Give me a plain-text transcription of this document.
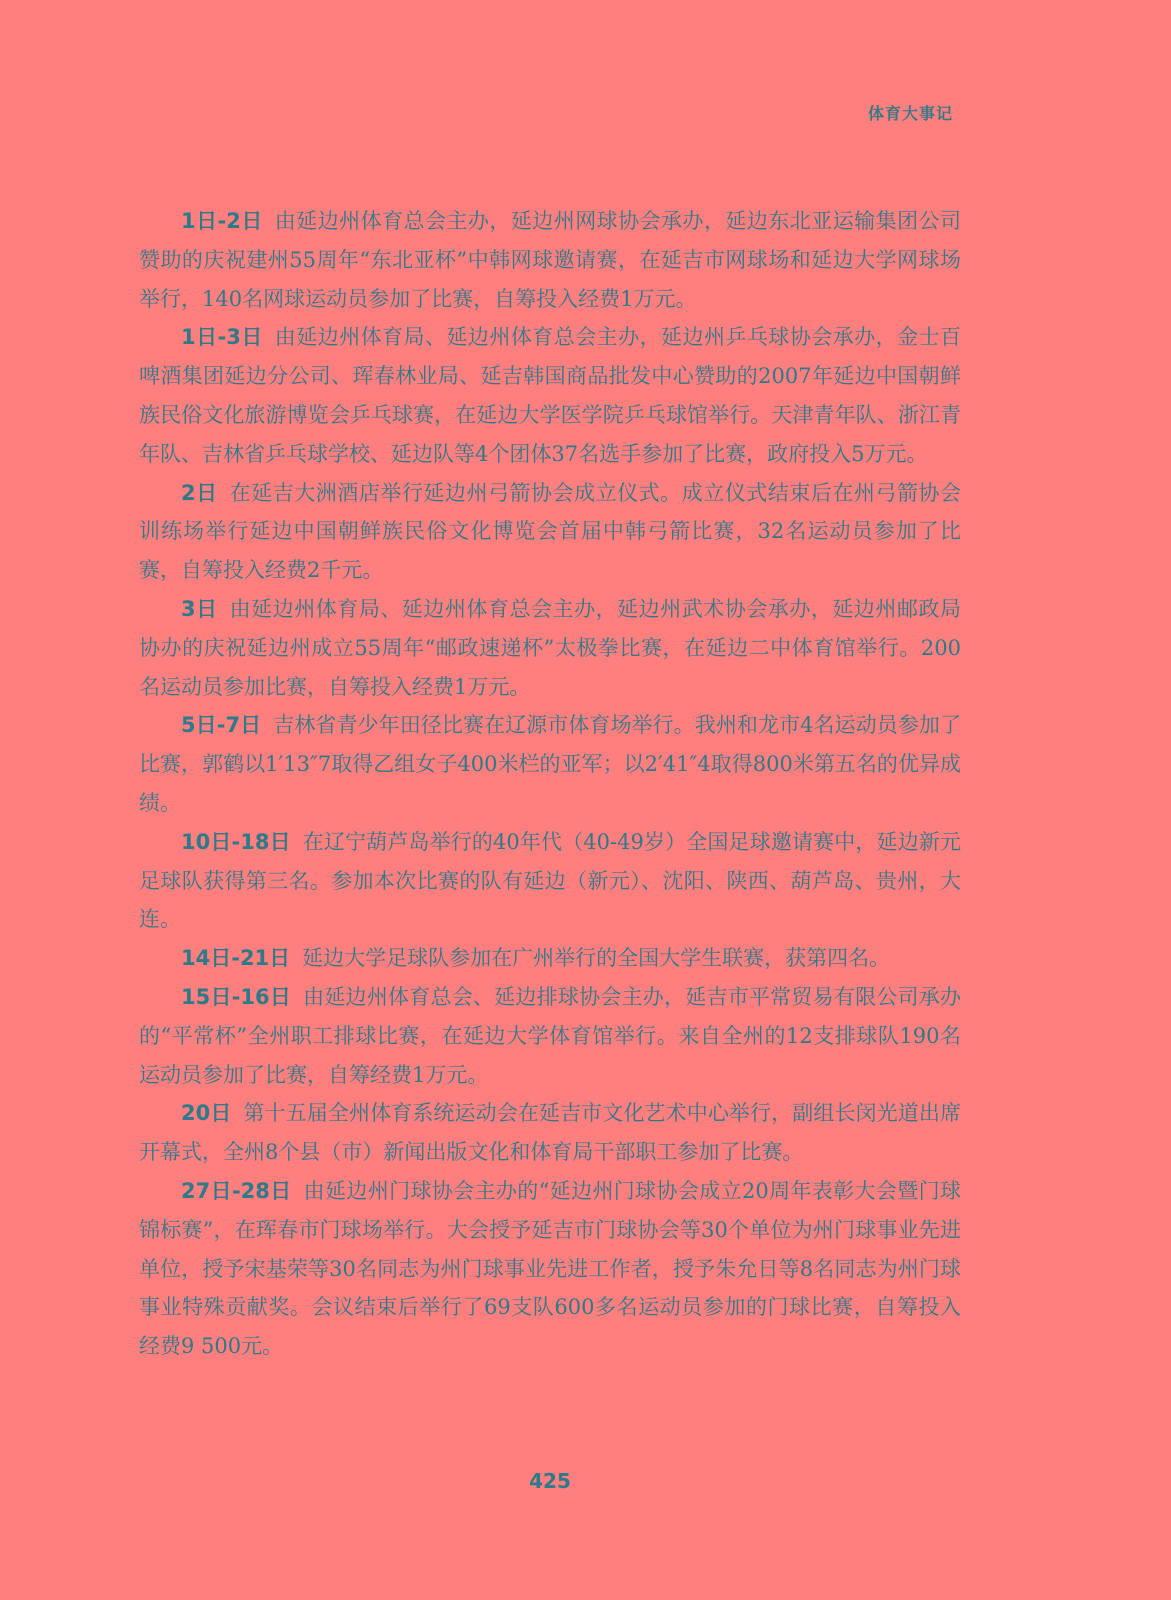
体育大事记

1日-2日 由延边州体育总会主办，延边州网球协会承办，延边东北亚运输集团公司赞助的庆祝建州55周年“东北亚杯”中韩网球邀请赛，在延吉市网球场和延边大学网球场举行，140名网球运动员参加了比赛，自筹投入经费1万元。

1日-3日 由延边州体育局、延边州体育总会主办，延边州乒乓球协会承办，金士百啤酒集团延边分公司、珲春林业局、延吉韩国商品批发中心赞助的2007年延边中国朝鲜族民俗文化旅游博览会乒乓球赛，在延边大学医学院乒乓球馆举行。天津青年队、浙江青年队、吉林省乒乓球学校、延边队等4个团体37名选手参加了比赛，政府投入5万元。

2日 在延吉大洲酒店举行延边州弓箭协会成立仪式。成立仪式结束后在州弓箭协会训练场举行延边中国朝鲜族民俗文化博览会首届中韩弓箭比赛，32名运动员参加了比赛，自筹投入经费2千元。

3日 由延边州体育局、延边州体育总会主办，延边州武术协会承办，延边州邮政局协办的庆祝延边州成立55周年“邮政速递杯”太极拳比赛，在延边二中体育馆举行。200名运动员参加比赛，自筹投入经费1万元。

5日-7日 吉林省青少年田径比赛在辽源市体育场举行。我州和龙市4名运动员参加了比赛，郭鹤以1′13″7取得乙组女子400米栏的亚军；以2′41″4取得800米第五名的优异成绩。

10日-18日 在辽宁葫芦岛举行的40年代（40-49岁）全国足球邀请赛中，延边新元足球队获得第三名。参加本次比赛的队有延边（新元）、沈阳、陕西、葫芦岛、贵州，大连。

14日-21日 延边大学足球队参加在广州举行的全国大学生联赛，获第四名。

15日-16日 由延边州体育总会、延边排球协会主办，延吉市平常贸易有限公司承办的“平常杯”全州职工排球比赛，在延边大学体育馆举行。来自全州的12支排球队190名运动员参加了比赛，自筹经费1万元。

20日 第十五届全州体育系统运动会在延吉市文化艺术中心举行，副组长闵光道出席开幕式，全州8个县（市）新闻出版文化和体育局干部职工参加了比赛。

27日-28日 由延边州门球协会主办的“延边州门球协会成立20周年表彰大会暨门球锦标赛”，在珲春市门球场举行。大会授予延吉市门球协会等30个单位为州门球事业先进单位，授予宋基荣等30名同志为州门球事业先进工作者，授予朱允日等8名同志为州门球事业特殊贡献奖。会议结束后举行了69支队600多名运动员参加的门球比赛，自筹投入经费9 500元。

425
